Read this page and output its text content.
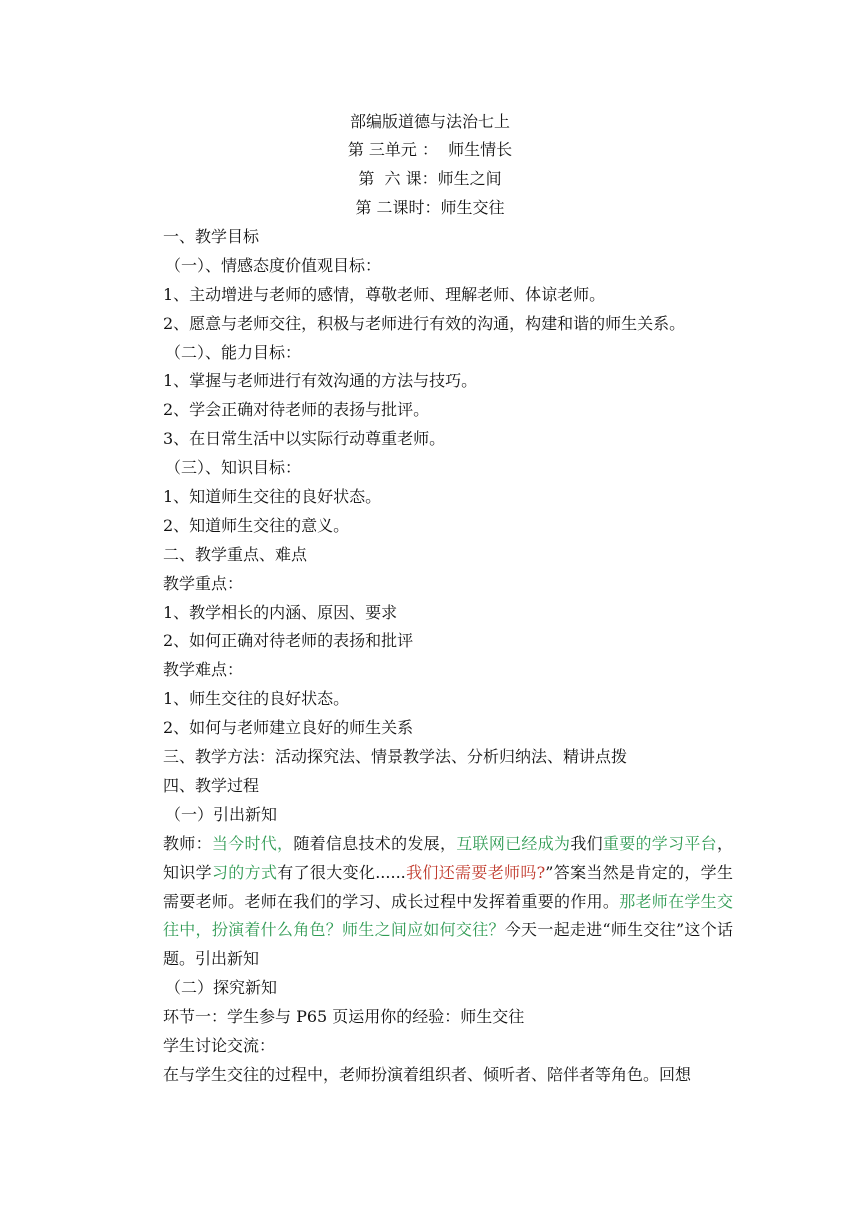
部编版道德与法治七上
第 三单元 ：  师生情长
第  六 课：师生之间
第 二课时：师生交往
一、教学目标
（一）、情感态度价值观目标：
1、主动增进与老师的感情，尊敬老师、理解老师、体谅老师。
2、愿意与老师交往，积极与老师进行有效的沟通，构建和谐的师生关系。
（二）、能力目标：
1、掌握与老师进行有效沟通的方法与技巧。
2、学会正确对待老师的表扬与批评。
3、在日常生活中以实际行动尊重老师。
（三）、知识目标：
1、知道师生交往的良好状态。
2、知道师生交往的意义。
二、教学重点、难点
教学重点：
1、教学相长的内涵、原因、要求
2、如何正确对待老师的表扬和批评
教学难点：
1、师生交往的良好状态。
2、如何与老师建立良好的师生关系
三、教学方法：活动探究法、情景教学法、分析归纳法、精讲点拨
四、教学过程
（一）引出新知
教师：当今时代，随着信息技术的发展，互联网已经成为我们重要的学习平台，知识学习的方式有了很大变化......我们还需要老师吗?”答案当然是肯定的，学生需要老师。老师在我们的学习、成长过程中发挥着重要的作用。那老师在学生交往中，扮演着什么角色？师生之间应如何交往？今天一起走进“师生交往”这个话题。引出新知
（二）探究新知
环节一：学生参与 P65 页运用你的经验：师生交往
学生讨论交流：
在与学生交往的过程中，老师扮演着组织者、倾听者、陪伴者等角色。回想
